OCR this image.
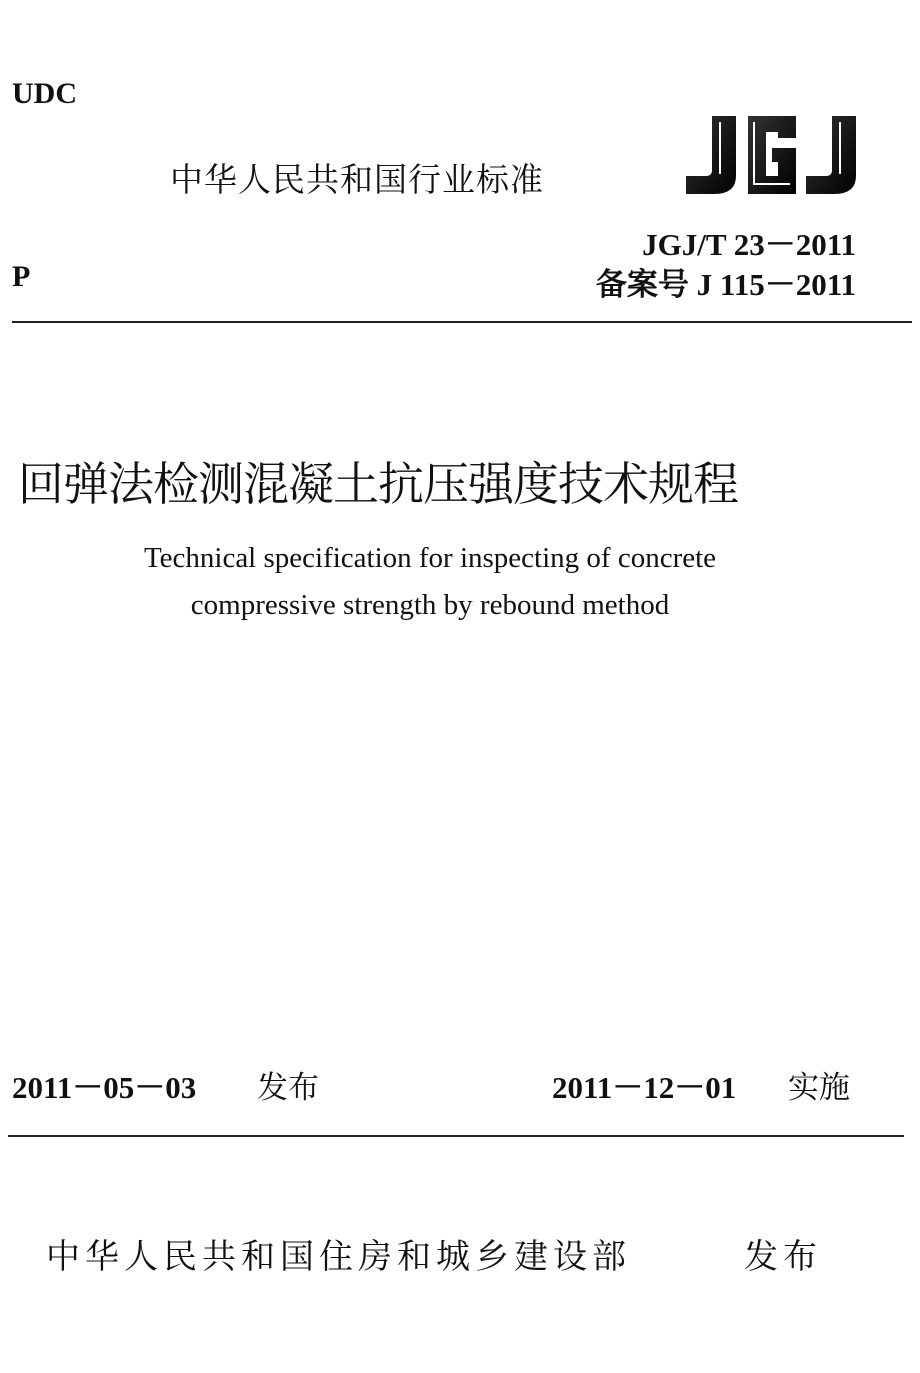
UDC
中华人民共和国行业标准
JGJ/T 23－2011
P	备案号 J 115－2011
回弹法检测混凝土抗压强度技术规程
Technical specification for inspecting of concrete
compressive strength by rebound method
2011－05－03 发布	2011－12－01 实施
中华人民共和国住房和城乡建设部	发布
